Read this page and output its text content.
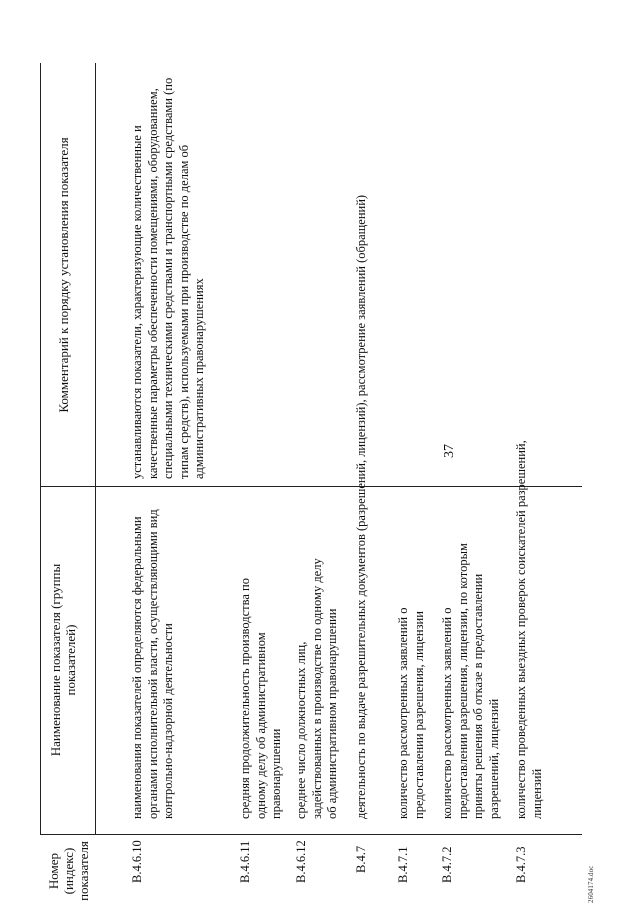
37
Номер (индекс) показателя
Наименование показателя (группы показателей)
Комментарий к порядку установления показателя
В.4.6.10
наименования показателей определяются федеральными органами исполнительной власти, осуществляющими вид контрольно-надзорной деятельности
устанавливаются показатели, характеризующие количественные и качественные параметры обеспеченности помещениями, оборудованием, специальными техническими средствами и транспортными средствами (по типам средств), используемыми при производстве по делам об административных правонарушениях
В.4.6.11
средняя продолжительность производства по одному делу об административном правонарушении
В.4.6.12
среднее число должностных лиц, задействованных в производстве по одному делу об административном правонарушении
В.4.7
деятельность по выдаче разрешительных документов (разрешений, лицензий), рассмотрение заявлений (обращений)
В.4.7.1
количество рассмотренных заявлений о предоставлении разрешения, лицензии
В.4.7.2
количество рассмотренных заявлений о предоставлении разрешения, лицензии, по которым приняты решения об отказе в предоставлении разрешений, лицензий
В.4.7.3
количество проведенных выездных проверок соискателей разрешений, лицензий
2604174.doc
